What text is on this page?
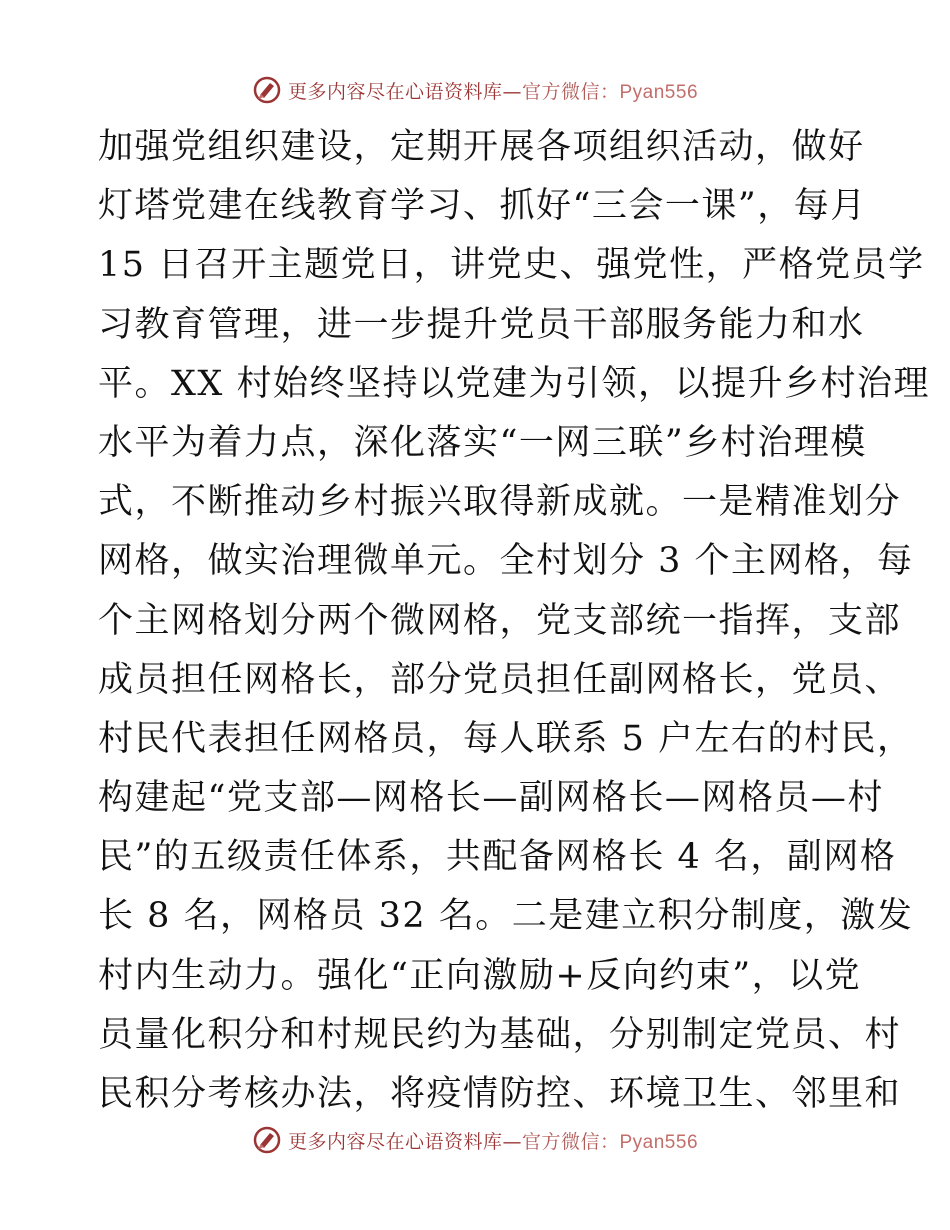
更多内容尽在心语资料库—官方微信：Pyan556
加强党组织建设，定期开展各项组织活动，做好
灯塔党建在线教育学习、抓好“三会一课”，每月
15 日召开主题党日，讲党史、强党性，严格党员学
习教育管理，进一步提升党员干部服务能力和水
平。XX 村始终坚持以党建为引领，以提升乡村治理
水平为着力点，深化落实“一网三联”乡村治理模
式，不断推动乡村振兴取得新成就。一是精准划分
网格，做实治理微单元。全村划分 3 个主网格，每
个主网格划分两个微网格，党支部统一指挥，支部
成员担任网格长，部分党员担任副网格长，党员、
村民代表担任网格员，每人联系 5 户左右的村民，
构建起“党支部—网格长—副网格长—网格员—村
民”的五级责任体系，共配备网格长 4 名，副网格
长 8 名，网格员 32 名。二是建立积分制度，激发
村内生动力。强化“正向激励+反向约束”，以党
员量化积分和村规民约为基础，分别制定党员、村
民积分考核办法，将疫情防控、环境卫生、邻里和
更多内容尽在心语资料库—官方微信：Pyan556
